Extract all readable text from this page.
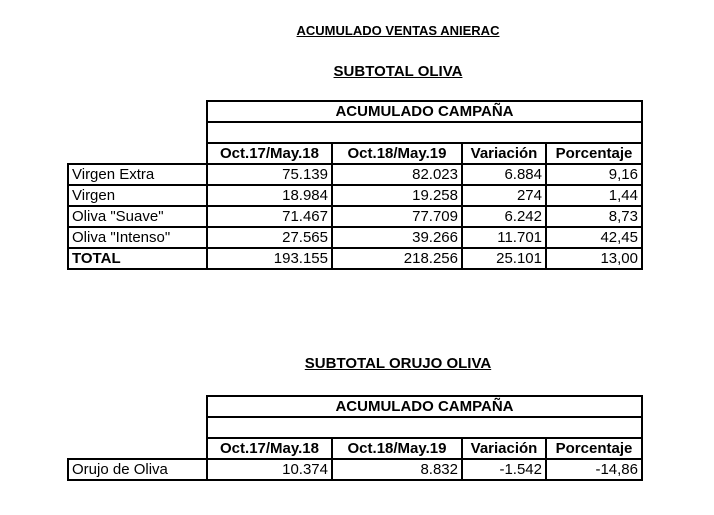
ACUMULADO VENTAS ANIERAC
SUBTOTAL OLIVA
	ACUMULADO CAMPAÑA			

	Oct.17/May.18	Oct.18/May.19	Variación	Porcentaje
Virgen Extra	75.139	82.023	6.884	9,16
Virgen	18.984	19.258	274	1,44
Oliva "Suave"	71.467	77.709	6.242	8,73
Oliva "Intenso"	27.565	39.266	11.701	42,45
TOTAL	193.155	218.256	25.101	13,00
SUBTOTAL ORUJO OLIVA
	ACUMULADO CAMPAÑA			

	Oct.17/May.18	Oct.18/May.19	Variación	Porcentaje
Orujo de Oliva	10.374	8.832	-1.542	-14,86
